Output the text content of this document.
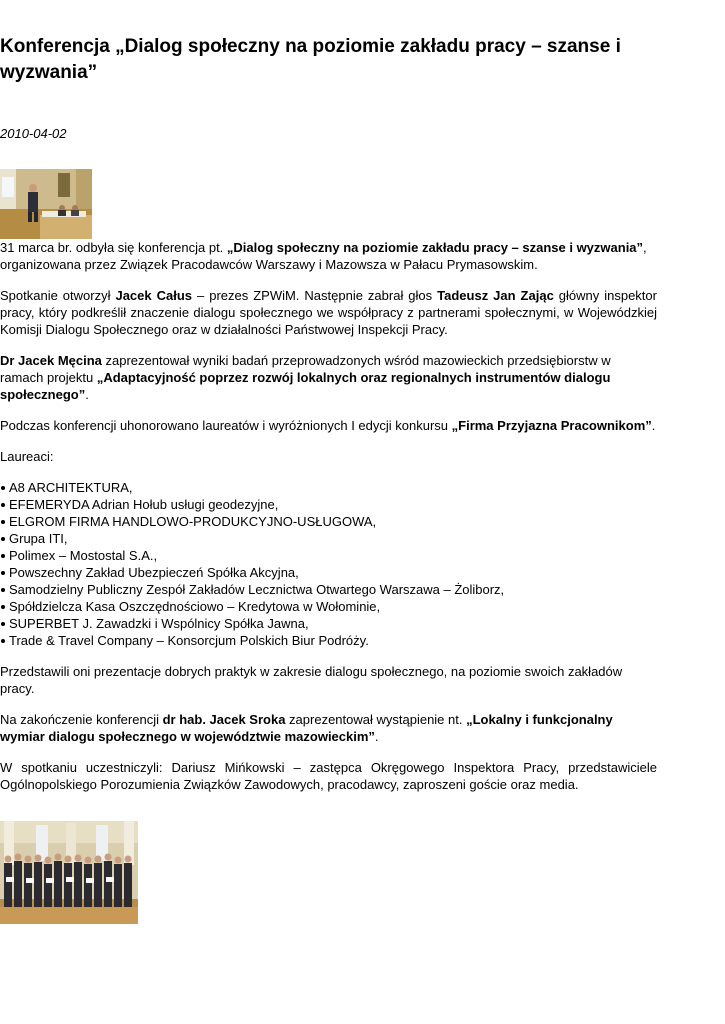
Konferencja „Dialog społeczny na poziomie zakładu pracy – szanse i wyzwania”
2010-04-02

31 marca br. odbyła się konferencja pt. „Dialog społeczny na poziomie zakładu pracy – szanse i wyzwania”, organizowana przez Związek Pracodawców Warszawy i Mazowsza w Pałacu Prymasowskim.

Spotkanie otworzył Jacek Całus – prezes ZPWiM. Następnie zabrał głos Tadeusz Jan Zając główny inspektor pracy, który podkreślił znaczenie dialogu społecznego we współpracy z partnerami społecznymi, w Wojewódzkiej Komisji Dialogu Społecznego oraz w działalności Państwowej Inspekcji Pracy.

Dr Jacek Męcina zaprezentował wyniki badań przeprowadzonych wśród mazowieckich przedsiębiorstw w ramach projektu „Adaptacyjność poprzez rozwój lokalnych oraz regionalnych instrumentów dialogu społecznego”.

Podczas konferencji uhonorowano laureatów i wyróżnionych I edycji konkursu „Firma Przyjazna Pracownikom”.

Laureaci:

A8 ARCHITEKTURA,
EFEMERYDA Adrian Hołub usługi geodezyjne,
ELGROM FIRMA HANDLOWO-PRODUKCYJNO-USŁUGOWA,
Grupa ITI,
Polimex – Mostostal S.A.,
Powszechny Zakład Ubezpieczeń Spółka Akcyjna,
Samodzielny Publiczny Zespół Zakładów Lecznictwa Otwartego Warszawa – Żoliborz,
Spółdzielcza Kasa Oszczędnościowo – Kredytowa w Wołominie,
SUPERBET J. Zawadzki i Wspólnicy Spółka Jawna,
Trade & Travel Company – Konsorcjum Polskich Biur Podróży.

Przedstawili oni prezentacje dobrych praktyk w zakresie dialogu społecznego, na poziomie swoich zakładów pracy.

Na zakończenie konferencji dr hab. Jacek Sroka zaprezentował wystąpienie nt. „Lokalny i funkcjonalny wymiar dialogu społecznego w województwie mazowieckim”.

W spotkaniu uczestniczyli: Dariusz Mińkowski – zastępca Okręgowego Inspektora Pracy, przedstawiciele Ogólnopolskiego Porozumienia Związków Zawodowych, pracodawcy, zaproszeni goście oraz media.
